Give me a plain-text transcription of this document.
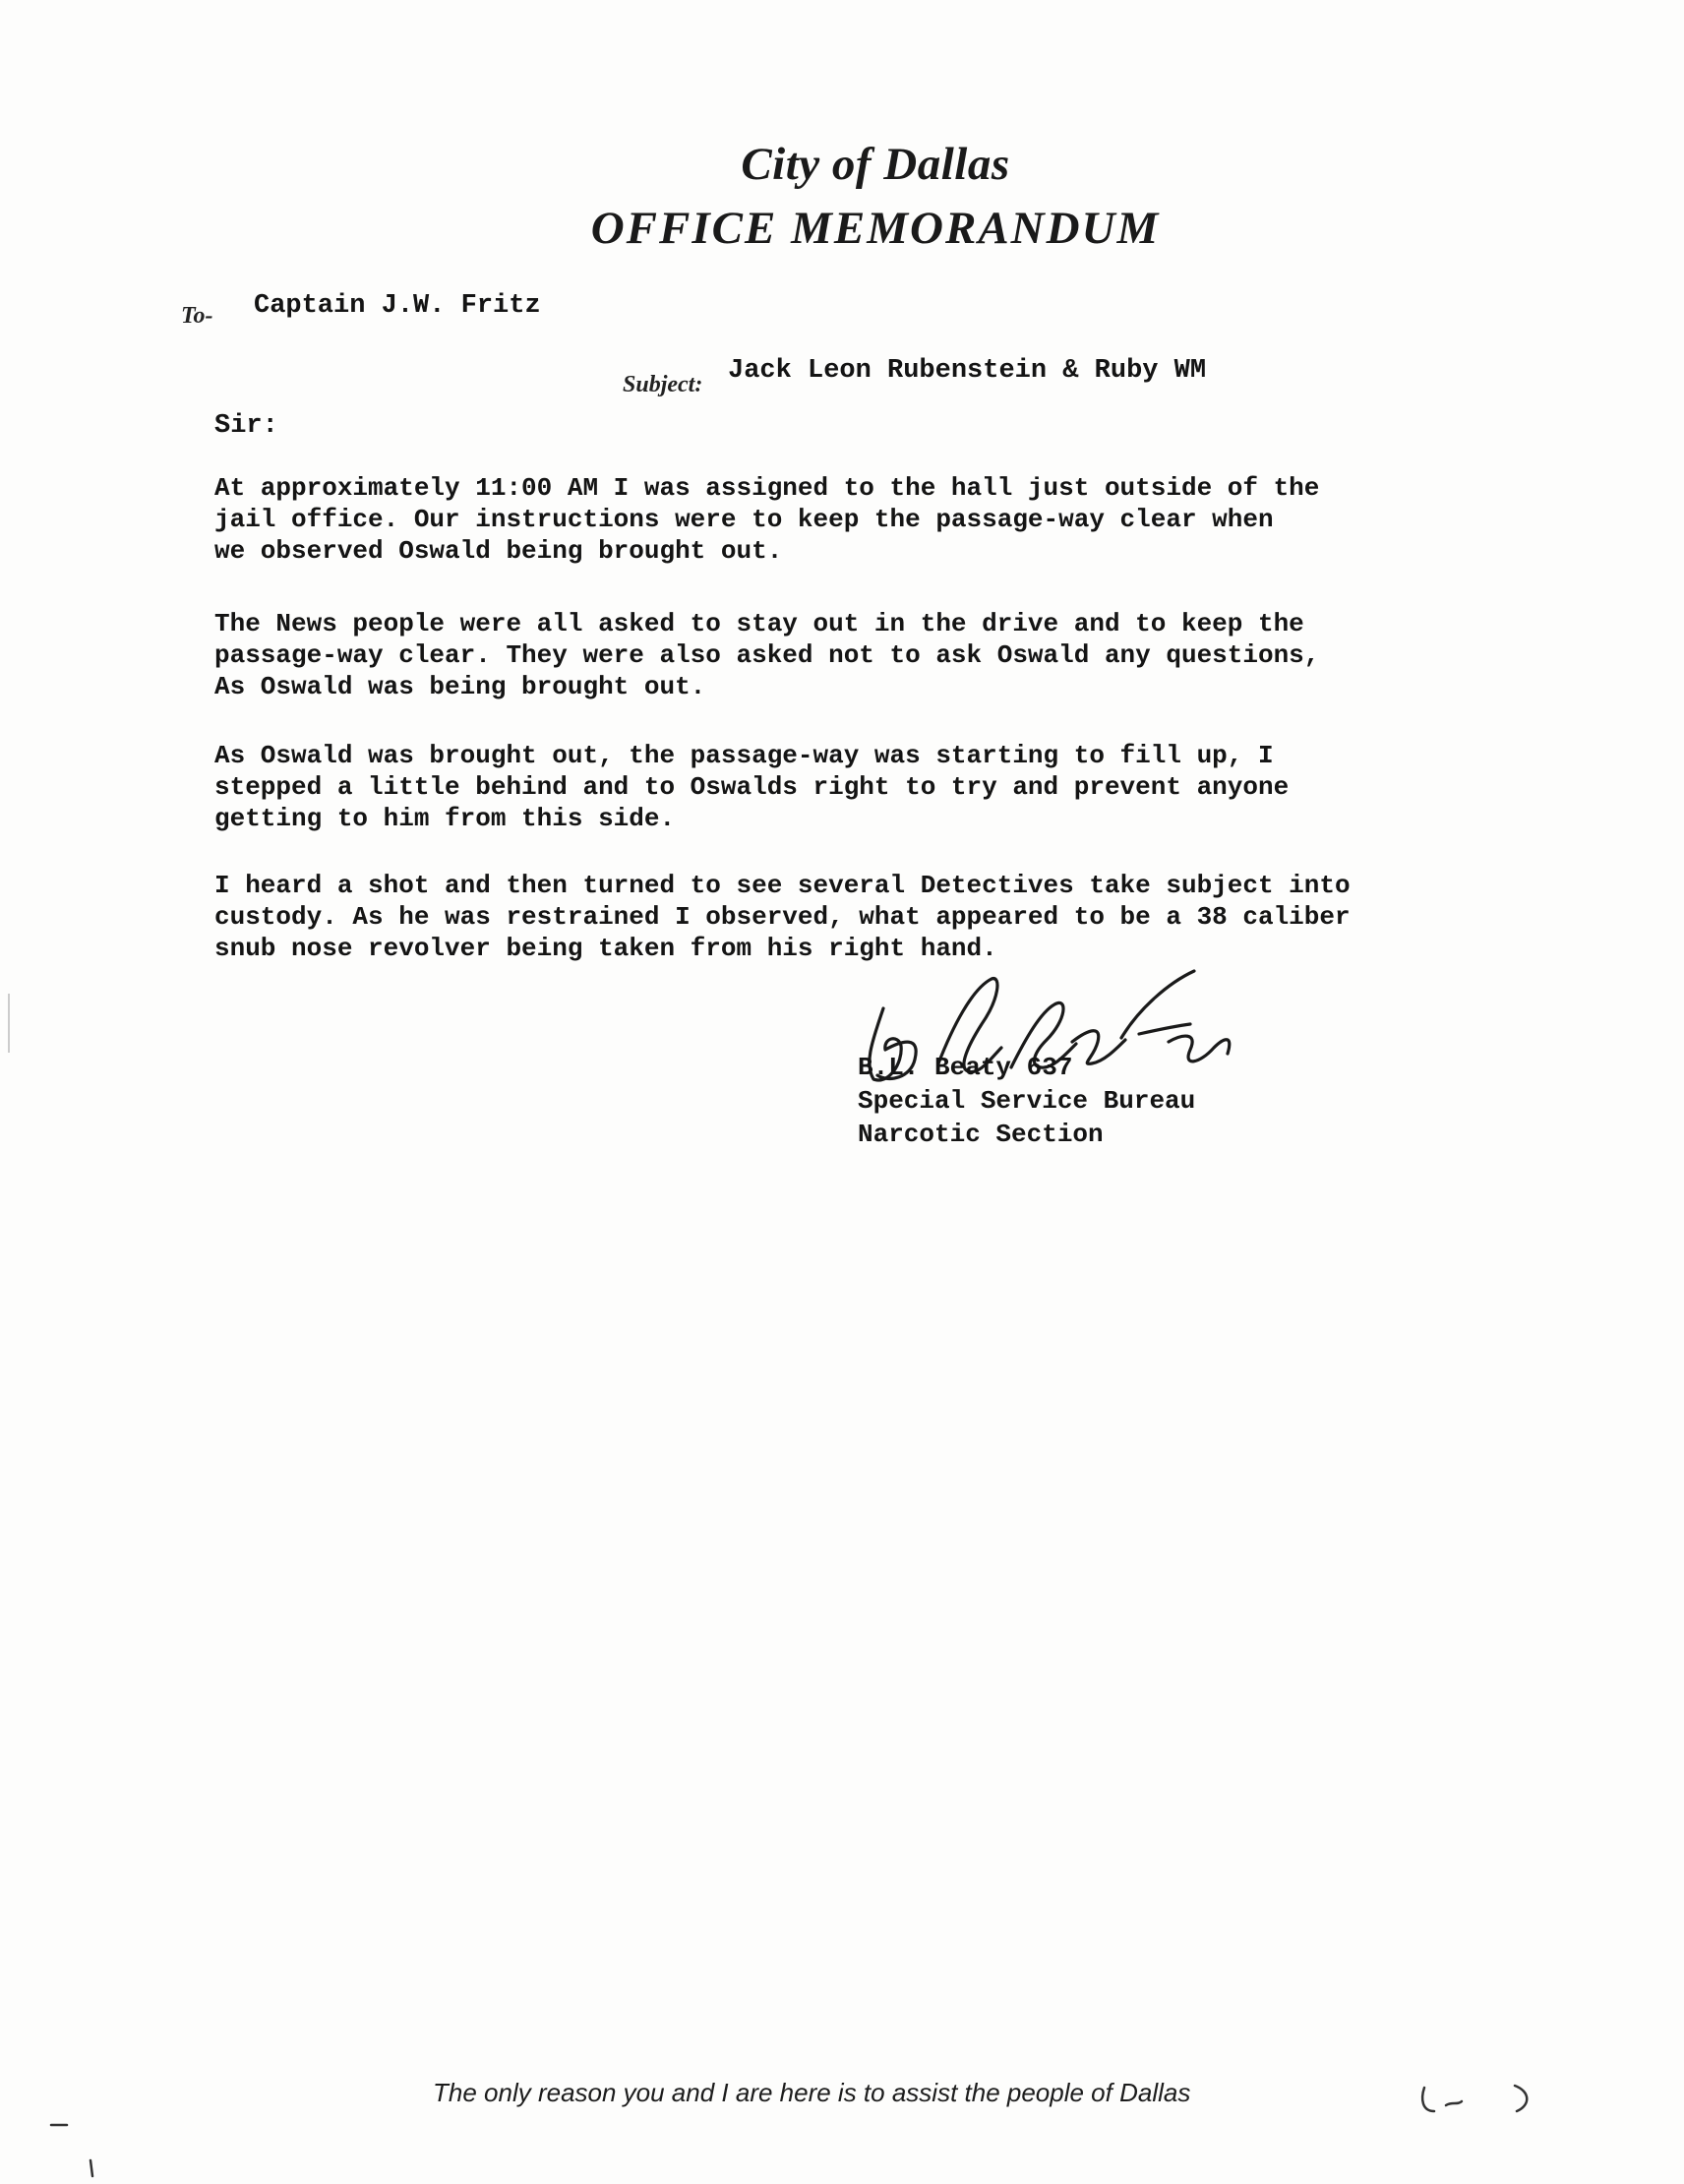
City of Dallas
OFFICE MEMORANDUM
To- Captain J.W. Fritz
Subject: Jack Leon Rubenstein & Ruby WM
Sir:
At approximately 11:00 AM I was assigned to the hall just outside of the
jail office. Our instructions were to keep the passage-way clear when
we observed Oswald being brought out.
The News people were all asked to stay out in the drive and to keep the
passage-way clear. They were also asked not to ask Oswald any questions,
As Oswald was being brought out.
As Oswald was brought out, the passage-way was starting to fill up, I
stepped a little behind and to Oswalds right to try and prevent anyone
getting to him from this side.
I heard a shot and then turned to see several Detectives take subject into
custody. As he was restrained I observed, what appeared to be a 38 caliber
snub nose revolver being taken from his right hand.
B.L. Beaty 637
Special Service Bureau
Narcotic Section
The only reason you and I are here is to assist the people of Dallas
